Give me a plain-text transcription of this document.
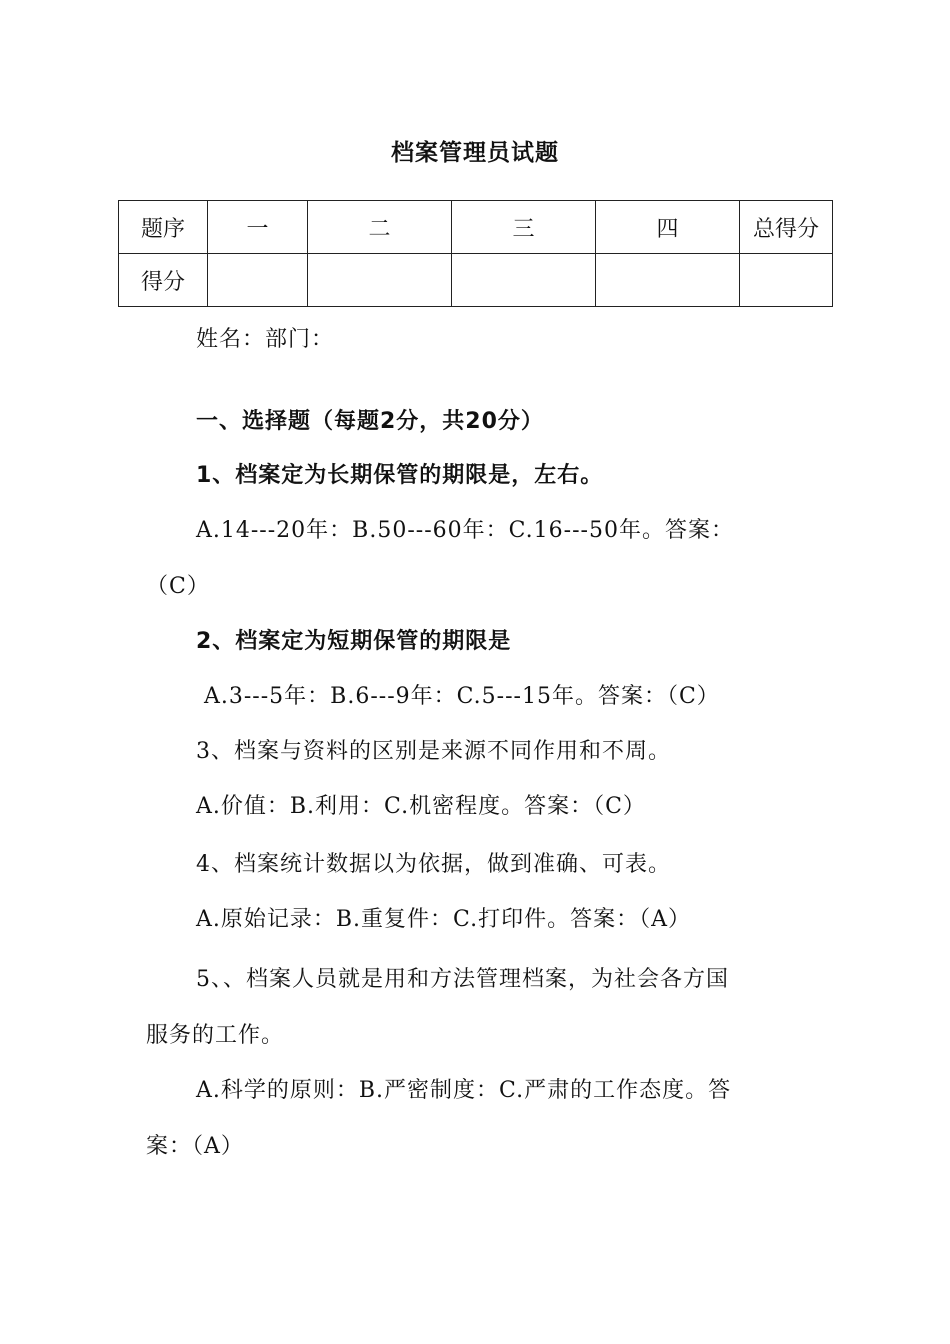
档案管理员试题
题序	一	二	三	四	总得分
得分					
姓名：部门：
一、选择题（每题2分，共20分）
1、档案定为长期保管的期限是，左右。
A.14---20年：B.50---60年：C.16---50年。答案：
（C）
2、档案定为短期保管的期限是
A.3---5年：B.6---9年：C.5---15年。答案：（C）
3、档案与资料的区别是来源不同作用和不周。
A.价值：B.利用：C.机密程度。答案：（C）
4、档案统计数据以为依据，做到准确、可表。
A.原始记录：B.重复件：C.打印件。答案：（A）
5、、档案人员就是用和方法管理档案，为社会各方国
服务的工作。
A.科学的原则：B.严密制度：C.严肃的工作态度。答
案：（A）
